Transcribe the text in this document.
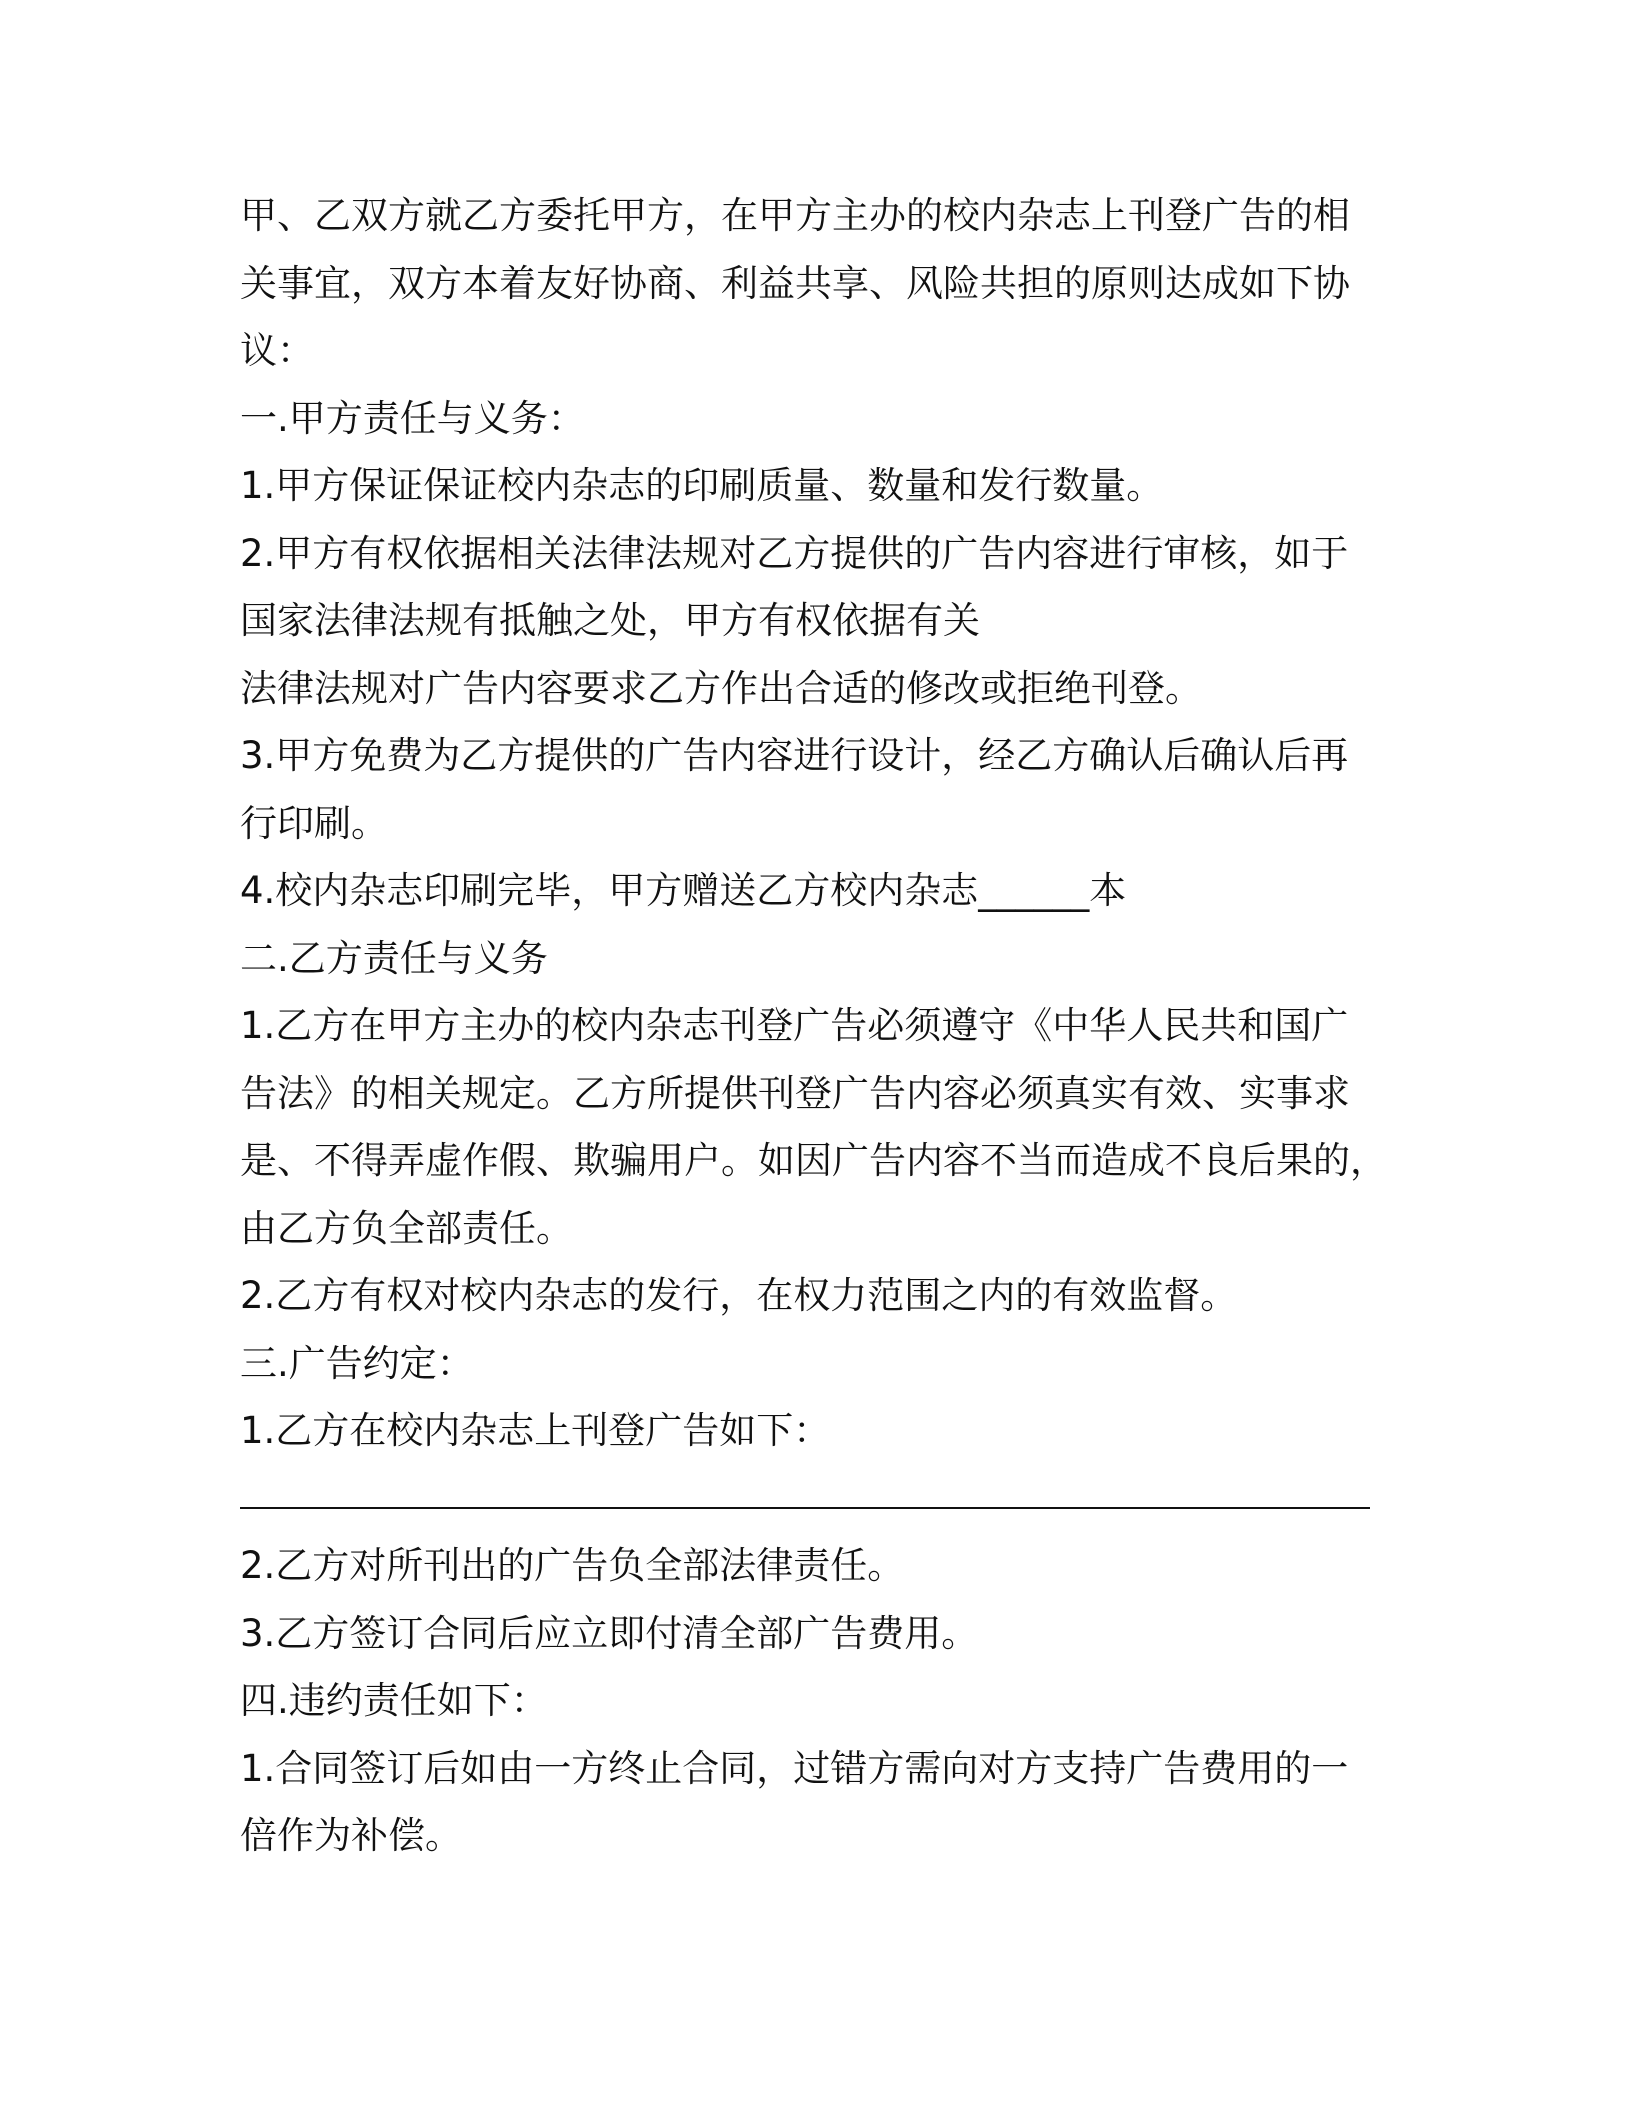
甲、乙双方就乙方委托甲方，在甲方主办的校内杂志上刊登广告的相
关事宜，双方本着友好协商、利益共享、风险共担的原则达成如下协
议：
一.甲方责任与义务：
1.甲方保证保证校内杂志的印刷质量、数量和发行数量。
2.甲方有权依据相关法律法规对乙方提供的广告内容进行审核，如于
国家法律法规有抵触之处，甲方有权依据有关
法律法规对广告内容要求乙方作出合适的修改或拒绝刊登。
3.甲方免费为乙方提供的广告内容进行设计，经乙方确认后确认后再
行印刷。
4.校内杂志印刷完毕，甲方赠送乙方校内杂志______本
二.乙方责任与义务
1.乙方在甲方主办的校内杂志刊登广告必须遵守《中华人民共和国广
告法》的相关规定。乙方所提供刊登广告内容必须真实有效、实事求
是、不得弄虚作假、欺骗用户。如因广告内容不当而造成不良后果的，
由乙方负全部责任。
2.乙方有权对校内杂志的发行，在权力范围之内的有效监督。
三.广告约定：
1.乙方在校内杂志上刊登广告如下：
2.乙方对所刊出的广告负全部法律责任。
3.乙方签订合同后应立即付清全部广告费用。
四.违约责任如下：
1.合同签订后如由一方终止合同，过错方需向对方支持广告费用的一
倍作为补偿。
